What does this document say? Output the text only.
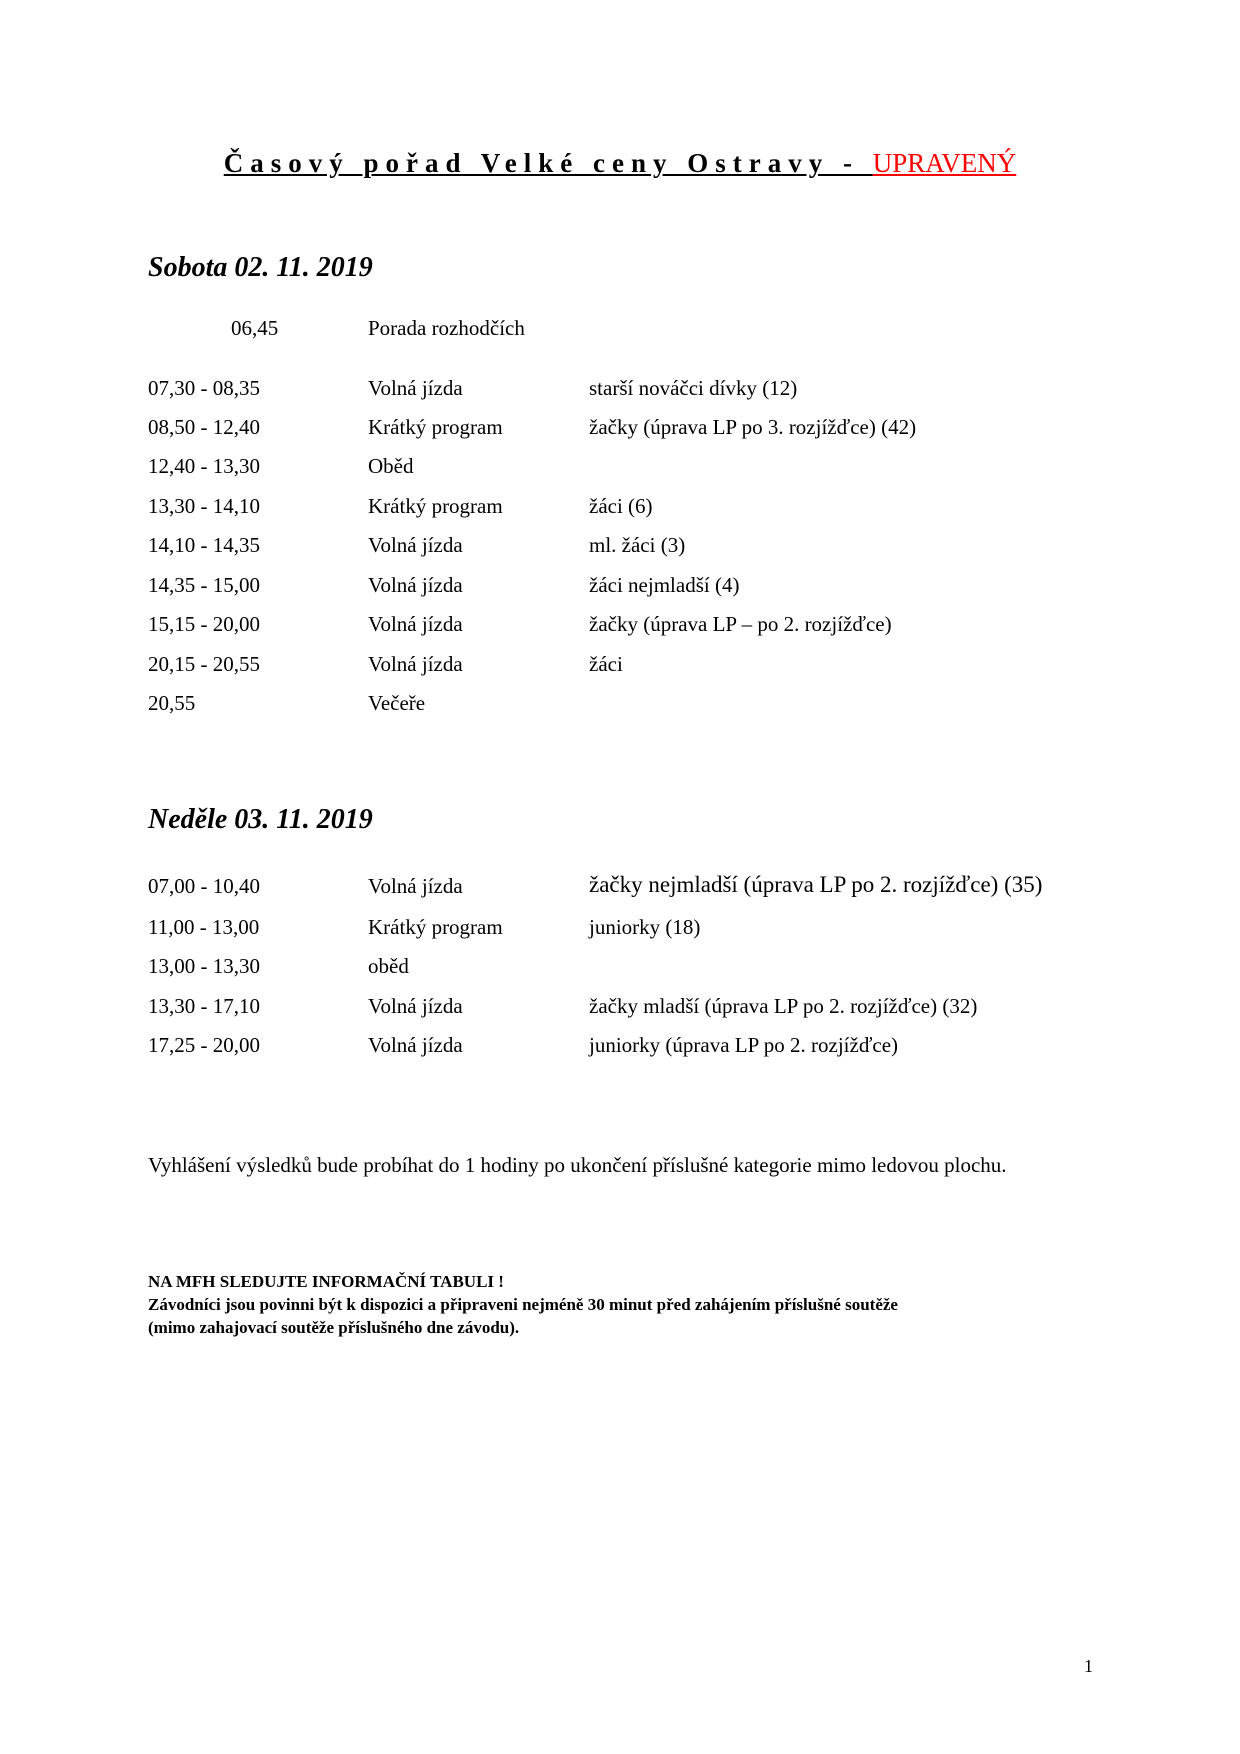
Časový pořad Velké ceny Ostravy - UPRAVENÝ
Sobota 02. 11. 2019
06,45	Porada rozhodčích
07,30 - 08,35	Volná jízda	starší nováčci dívky (12)
08,50 - 12,40	Krátký program	žačky (úprava LP po 3. rozjížďce) (42)
12,40 - 13,30	Oběd
13,30 - 14,10	Krátký program	žáci (6)
14,10 - 14,35	Volná jízda	ml. žáci (3)
14,35 - 15,00	Volná jízda	žáci nejmladší (4)
15,15 - 20,00	Volná jízda	žačky (úprava LP – po 2. rozjížďce)
20,15 - 20,55	Volná jízda	žáci
20,55	Večeře
Neděle 03. 11. 2019
07,00 - 10,40	Volná jízda	žačky nejmladší (úprava LP po 2. rozjížďce) (35)
11,00 - 13,00	Krátký program	juniorky (18)
13,00 - 13,30	oběd
13,30 - 17,10	Volná jízda	žačky mladší (úprava LP po 2. rozjížďce) (32)
17,25 - 20,00	Volná jízda	juniorky (úprava LP po 2. rozjížďce)
Vyhlášení výsledků bude probíhat do 1 hodiny po ukončení příslušné kategorie mimo ledovou plochu.
NA MFH SLEDUJTE INFORMAČNÍ TABULI !
Závodníci jsou povinni být k dispozici a připraveni nejméně 30 minut před zahájením příslušné soutěže
(mimo zahajovací soutěže příslušného dne závodu).
1
